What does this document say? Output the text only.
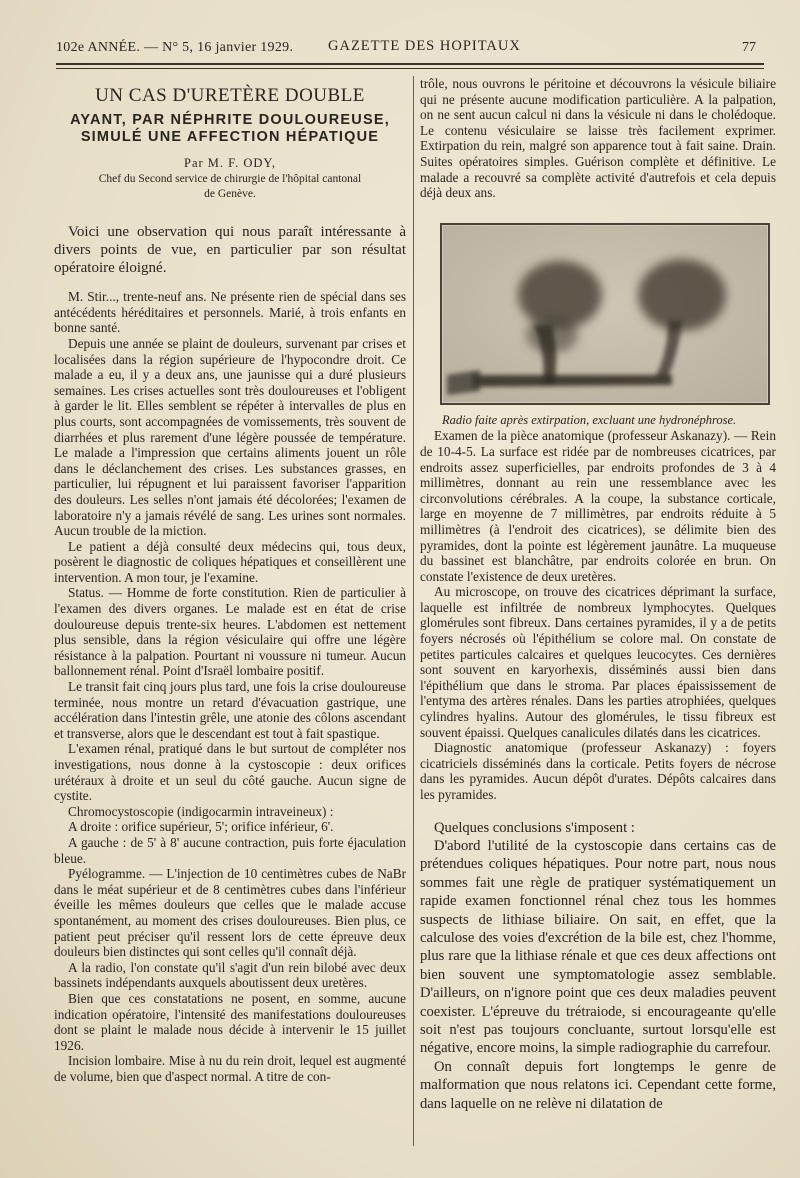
102e ANNÉE. — N° 5, 16 janvier 1929. GAZETTE DES HOPITAUX	77
UN CAS D'URETÈRE DOUBLE
AYANT, PAR NÉPHRITE DOULOUREUSE,
SIMULÉ UNE AFFECTION HÉPATIQUE
Par M. F. ODY,
Chef du Second service de chirurgie de l'hôpital cantonal
de Genève.

Voici une observation qui nous paraît intéressante à divers points de vue, en particulier par son résultat opératoire éloigné.

M. Stir..., trente-neuf ans. Ne présente rien de spécial dans ses antécédents héréditaires et personnels. Marié, à trois enfants en bonne santé.

Depuis une année se plaint de douleurs, survenant par crises et localisées dans la région supérieure de l'hypocondre droit. Ce malade a eu, il y a deux ans, une jaunisse qui a duré plusieurs semaines. Les crises actuelles sont très douloureuses et l'obligent à garder le lit. Elles semblent se répéter à intervalles de plus en plus courts, sont accompagnées de vomissements, très souvent de diarrhées et plus rarement d'une légère poussée de température. Le malade a l'impression que certains aliments jouent un rôle dans le déclanchement des crises. Les substances grasses, en particulier, lui répugnent et lui paraissent favoriser l'apparition des douleurs. Les selles n'ont jamais été décolorées; l'examen de laboratoire n'y a jamais révélé de sang. Les urines sont normales. Aucun trouble de la miction.

Le patient a déjà consulté deux médecins qui, tous deux, posèrent le diagnostic de coliques hépatiques et conseillèrent une intervention. A mon tour, je l'examine.

Status. — Homme de forte constitution. Rien de particulier à l'examen des divers organes. Le malade est en état de crise douloureuse depuis trente-six heures. L'abdomen est nettement plus sensible, dans la région vésiculaire qui offre une légère résistance à la palpation. Pourtant ni voussure ni tumeur. Aucun ballonnement rénal. Point d'Israël lombaire positif.

Le transit fait cinq jours plus tard, une fois la crise douloureuse terminée, nous montre un retard d'évacuation gastrique, une accélération dans l'intestin grêle, une atonie des côlons ascendant et transverse, alors que le descendant est tout à fait spastique.

L'examen rénal, pratiqué dans le but surtout de compléter nos investigations, nous donne à la cystoscopie : deux orifices urétéraux à droite et un seul du côté gauche. Aucun signe de cystite.

Chromocystoscopie (indigocarmin intraveineux) :

A droite : orifice supérieur, 5'; orifice inférieur, 6'.

A gauche : de 5' à 8' aucune contraction, puis forte éjaculation bleue.

Pyélogramme. — L'injection de 10 centimètres cubes de NaBr dans le méat supérieur et de 8 centimètres cubes dans l'inférieur éveille les mêmes douleurs que celles que le malade accuse spontanément, au moment des crises douloureuses. Bien plus, ce patient peut préciser qu'il ressent lors de cette épreuve deux douleurs bien distinctes qui sont celles qu'il connaît déjà.

A la radio, l'on constate qu'il s'agit d'un rein bilobé avec deux bassinets indépendants auxquels aboutissent deux uretères.

Bien que ces constatations ne posent, en somme, aucune indication opératoire, l'intensité des manifestations douloureuses dont se plaint le malade nous décide à intervenir le 15 juillet 1926.

Incision lombaire. Mise à nu du rein droit, lequel est augmenté de volume, bien que d'aspect normal. A titre de con-

trôle, nous ouvrons le péritoine et découvrons la vésicule biliaire qui ne présente aucune modification particulière. A la palpation, on ne sent aucun calcul ni dans la vésicule ni dans le cholédoque. Le contenu vésiculaire se laisse très facilement exprimer. Extirpation du rein, malgré son apparence tout à fait saine. Drain. Suites opératoires simples. Guérison complète et définitive. Le malade a recouvré sa complète activité d'autrefois et cela depuis déjà deux ans.

Radio faite après extirpation, excluant une hydronéphrose.

Examen de la pièce anatomique (professeur Askanazy). — Rein de 10-4-5. La surface est ridée par de nombreuses cicatrices, par endroits assez superficielles, par endroits profondes de 3 à 4 millimètres, donnant au rein une ressemblance avec les circonvolutions cérébrales. A la coupe, la substance corticale, large en moyenne de 7 millimètres, par endroits réduite à 5 millimètres (à l'endroit des cicatrices), se délimite bien des pyramides, dont la pointe est légèrement jaunâtre. La muqueuse du bassinet est blanchâtre, par endroits colorée en brun. On constate l'existence de deux uretères.

Au microscope, on trouve des cicatrices déprimant la surface, laquelle est infiltrée de nombreux lymphocytes. Quelques glomérules sont fibreux. Dans certaines pyramides, il y a de petits foyers nécrosés où l'épithélium se colore mal. On constate de petites particules calcaires et quelques leucocytes. Ces dernières sont souvent en karyorhexis, disséminés aussi bien dans l'épithélium que dans le stroma. Par places épaississement de l'entyma des artères rénales. Dans les parties atrophiées, quelques cylindres hyalins. Autour des glomérules, le tissu fibreux est souvent épaissi. Quelques canalicules dilatés dans les cicatrices.

Diagnostic anatomique (professeur Askanazy) : foyers cicatriciels disséminés dans la corticale. Petits foyers de nécrose dans les pyramides. Aucun dépôt d'urates. Dépôts calcaires dans les pyramides.

Quelques conclusions s'imposent :

D'abord l'utilité de la cystoscopie dans certains cas de prétendues coliques hépatiques. Pour notre part, nous nous sommes fait une règle de pratiquer systématiquement un rapide examen fonctionnel rénal chez tous les hommes suspects de lithiase biliaire. On sait, en effet, que la calculose des voies d'excrétion de la bile est, chez l'homme, plus rare que la lithiase rénale et que ces deux affections ont bien souvent une symptomatologie assez semblable. D'ailleurs, on n'ignore point que ces deux maladies peuvent coexister. L'épreuve du trétraiode, si encourageante qu'elle soit n'est pas toujours concluante, surtout lorsqu'elle est négative, encore moins, la simple radiographie du carrefour.

On connaît depuis fort longtemps le genre de malformation que nous relatons ici. Cependant cette forme, dans laquelle on ne relève ni dilatation de
